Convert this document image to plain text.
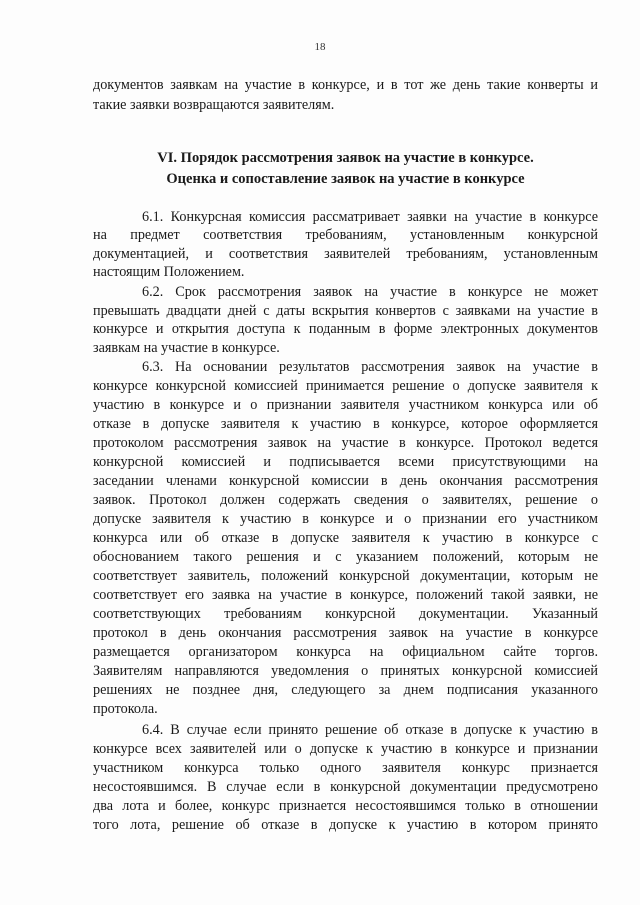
18
документов заявкам на участие в конкурсе, и в тот же день такие конверты и
такие заявки возвращаются заявителям.
VI. Порядок рассмотрения заявок на участие в конкурсе.
Оценка и сопоставление заявок на участие в конкурсе
6.1. Конкурсная комиссия рассматривает заявки на участие в конкурсе
на предмет соответствия требованиям, установленным конкурсной
документацией, и соответствия заявителей требованиям, установленным
настоящим Положением.
6.2. Срок рассмотрения заявок на участие в конкурсе не может
превышать двадцати дней с даты вскрытия конвертов с заявками на участие в
конкурсе и открытия доступа к поданным в форме электронных документов
заявкам на участие в конкурсе.
6.3. На основании результатов рассмотрения заявок на участие в
конкурсе конкурсной комиссией принимается решение о допуске заявителя к
участию в конкурсе и о признании заявителя участником конкурса или об
отказе в допуске заявителя к участию в конкурсе, которое оформляется
протоколом рассмотрения заявок на участие в конкурсе. Протокол ведется
конкурсной комиссией и подписывается всеми присутствующими на
заседании членами конкурсной комиссии в день окончания рассмотрения
заявок. Протокол должен содержать сведения о заявителях, решение о
допуске заявителя к участию в конкурсе и о признании его участником
конкурса или об отказе в допуске заявителя к участию в конкурсе с
обоснованием такого решения и с указанием положений, которым не
соответствует заявитель, положений конкурсной документации, которым не
соответствует его заявка на участие в конкурсе, положений такой заявки, не
соответствующих требованиям конкурсной документации. Указанный
протокол в день окончания рассмотрения заявок на участие в конкурсе
размещается организатором конкурса на официальном сайте торгов.
Заявителям направляются уведомления о принятых конкурсной комиссией
решениях не позднее дня, следующего за днем подписания указанного
протокола.
6.4. В случае если принято решение об отказе в допуске к участию в
конкурсе всех заявителей или о допуске к участию в конкурсе и признании
участником конкурса только одного заявителя конкурс признается
несостоявшимся. В случае если в конкурсной документации предусмотрено
два лота и более, конкурс признается несостоявшимся только в отношении
того лота, решение об отказе в допуске к участию в котором принято
